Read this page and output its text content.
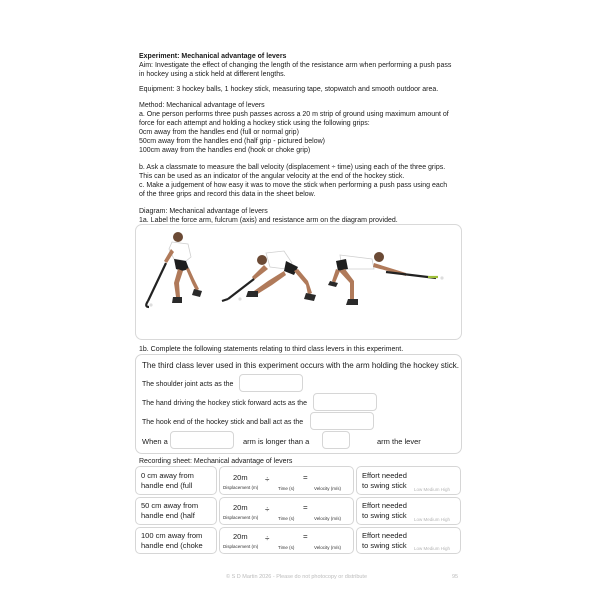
Experiment: Mechanical advantage of levers
Aim: Investigate the effect of changing the length of the resistance arm when performing a push pass
in hockey using a stick held at different lengths.
Equipment: 3 hockey balls, 1 hockey stick, measuring tape, stopwatch and smooth outdoor area.
Method: Mechanical advantage of levers
a. One person performs three push passes across a 20 m strip of ground using maximum amount of
force for each attempt and holding a hockey stick using the following grips:
0cm away from the handles end (full or normal grip)
50cm away from the handles end (half grip - pictured below)
100cm away from the handles end (hook or choke grip)
b. Ask a classmate to measure the ball velocity (displacement ÷ time) using each of the three grips.
This can be used as an indicator of the angular velocity at the end of the hockey stick.
c. Make a judgement of how easy it was to move the stick when performing a push pass using each
of the three grips and record this data in the sheet below.
Diagram: Mechanical advantage of levers
1a. Label the force arm, fulcrum (axis) and resistance arm on the diagram provided.
1b. Complete the following statements relating to third class levers in this experiment.
The third class lever used in this experiment occurs with the arm holding the hockey stick.
The shoulder joint acts as the
The hand driving the hockey stick forward acts as the
The hook end of the hockey stick and ball act as the
When a	arm is longer than a	arm the lever
Recording sheet: Mechanical advantage of levers
0 cm away from
handle end (full
20m ÷	=
Displacement (m)	Time (s)	Velocity (m/s)
Effort needed
to swing stick Low Medium High
50 cm away from
handle end (half
20m ÷	=
Displacement (m)	Time (s)	Velocity (m/s)
Effort needed
to swing stick Low Medium High
100 cm away from
handle end (choke
20m ÷	=
Displacement (m)	Time (s)	Velocity (m/s)
Effort needed
to swing stick Low Medium High
© S D Martin 2026 - Please do not photocopy or distribute	95
